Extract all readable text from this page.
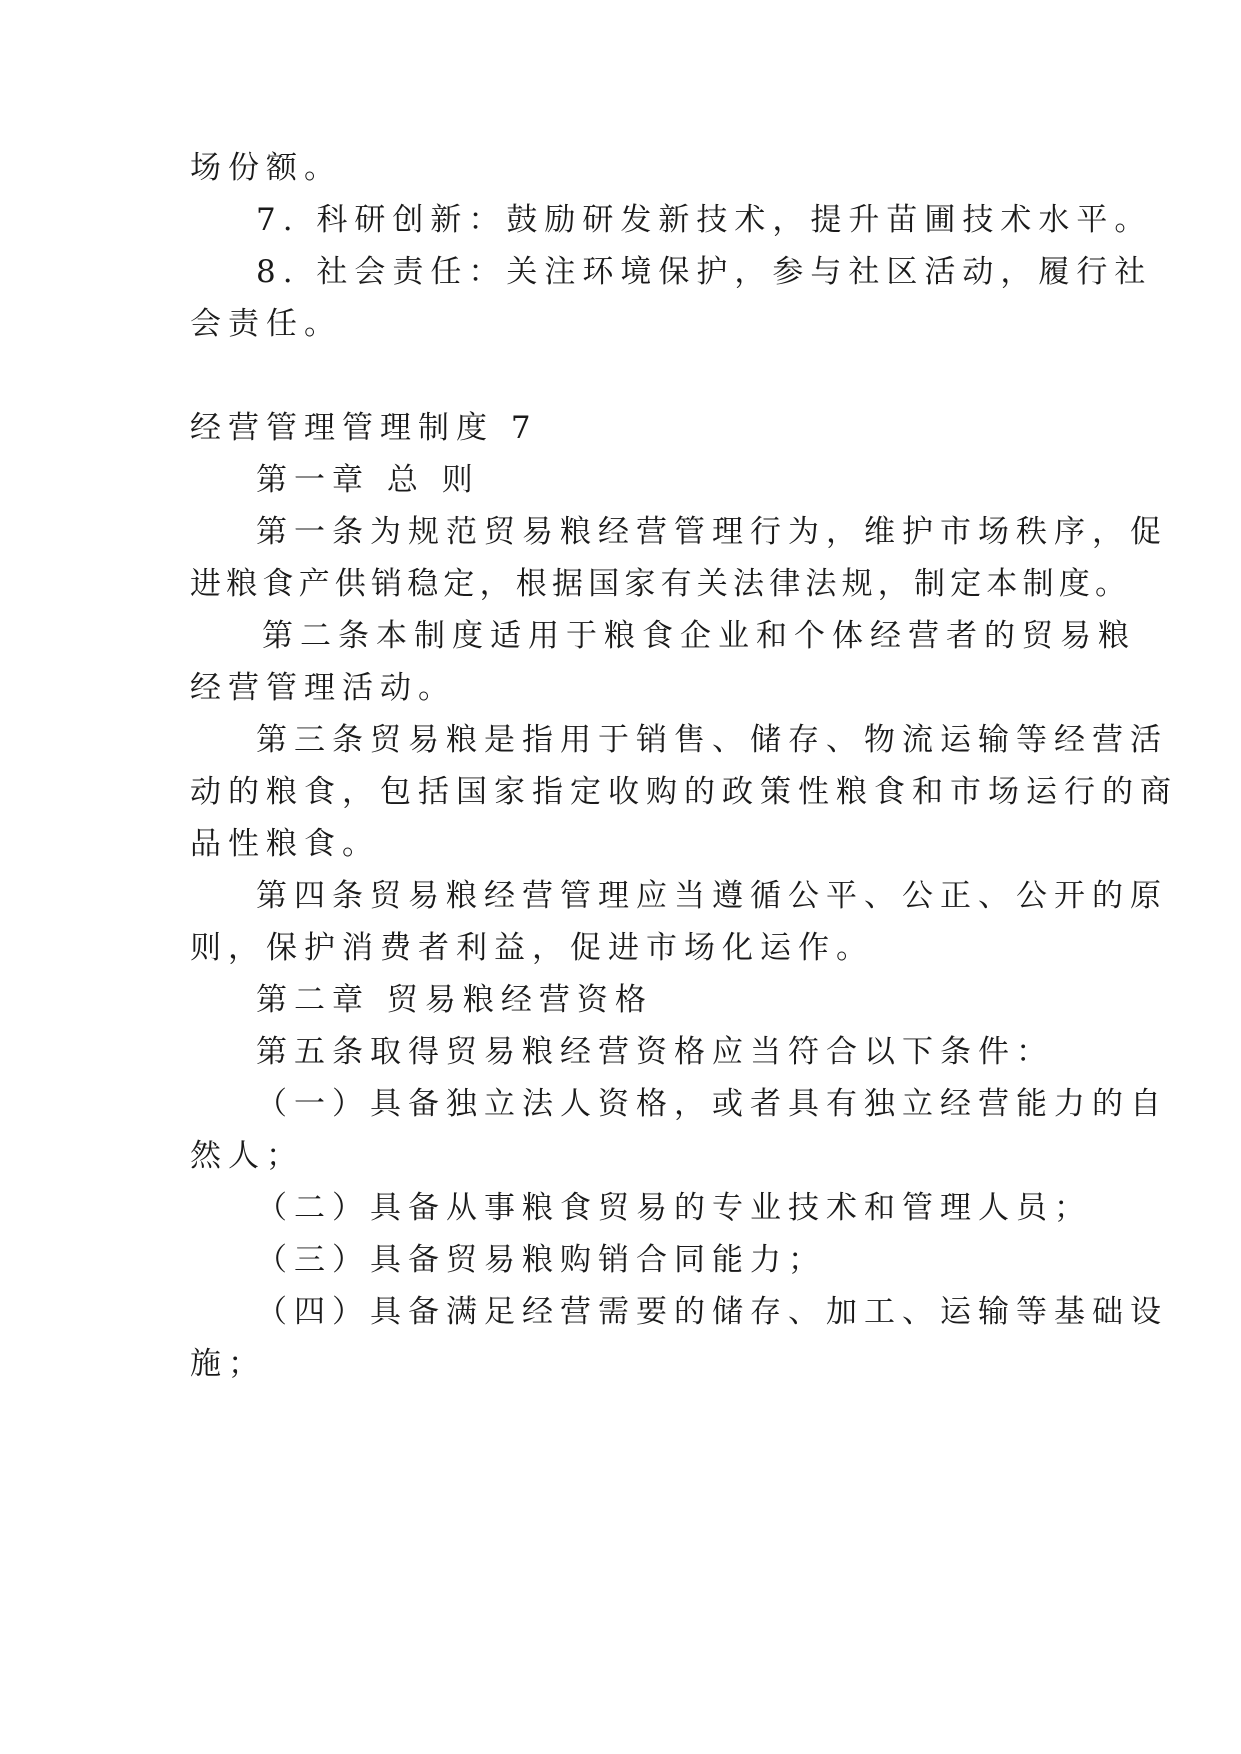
场份额。
7. 科研创新：鼓励研发新技术，提升苗圃技术水平。
8. 社会责任：关注环境保护，参与社区活动，履行社
会责任。
经营管理管理制度 7
第一章 总 则
第一条为规范贸易粮经营管理行为，维护市场秩序，促
进粮食产供销稳定，根据国家有关法律法规，制定本制度。
第二条本制度适用于粮食企业和个体经营者的贸易粮
经营管理活动。
第三条贸易粮是指用于销售、储存、物流运输等经营活
动的粮食，包括国家指定收购的政策性粮食和市场运行的商
品性粮食。
第四条贸易粮经营管理应当遵循公平、公正、公开的原
则，保护消费者利益，促进市场化运作。
第二章 贸易粮经营资格
第五条取得贸易粮经营资格应当符合以下条件：
（一）具备独立法人资格，或者具有独立经营能力的自
然人；
（二）具备从事粮食贸易的专业技术和管理人员；
（三）具备贸易粮购销合同能力；
（四）具备满足经营需要的储存、加工、运输等基础设
施；
